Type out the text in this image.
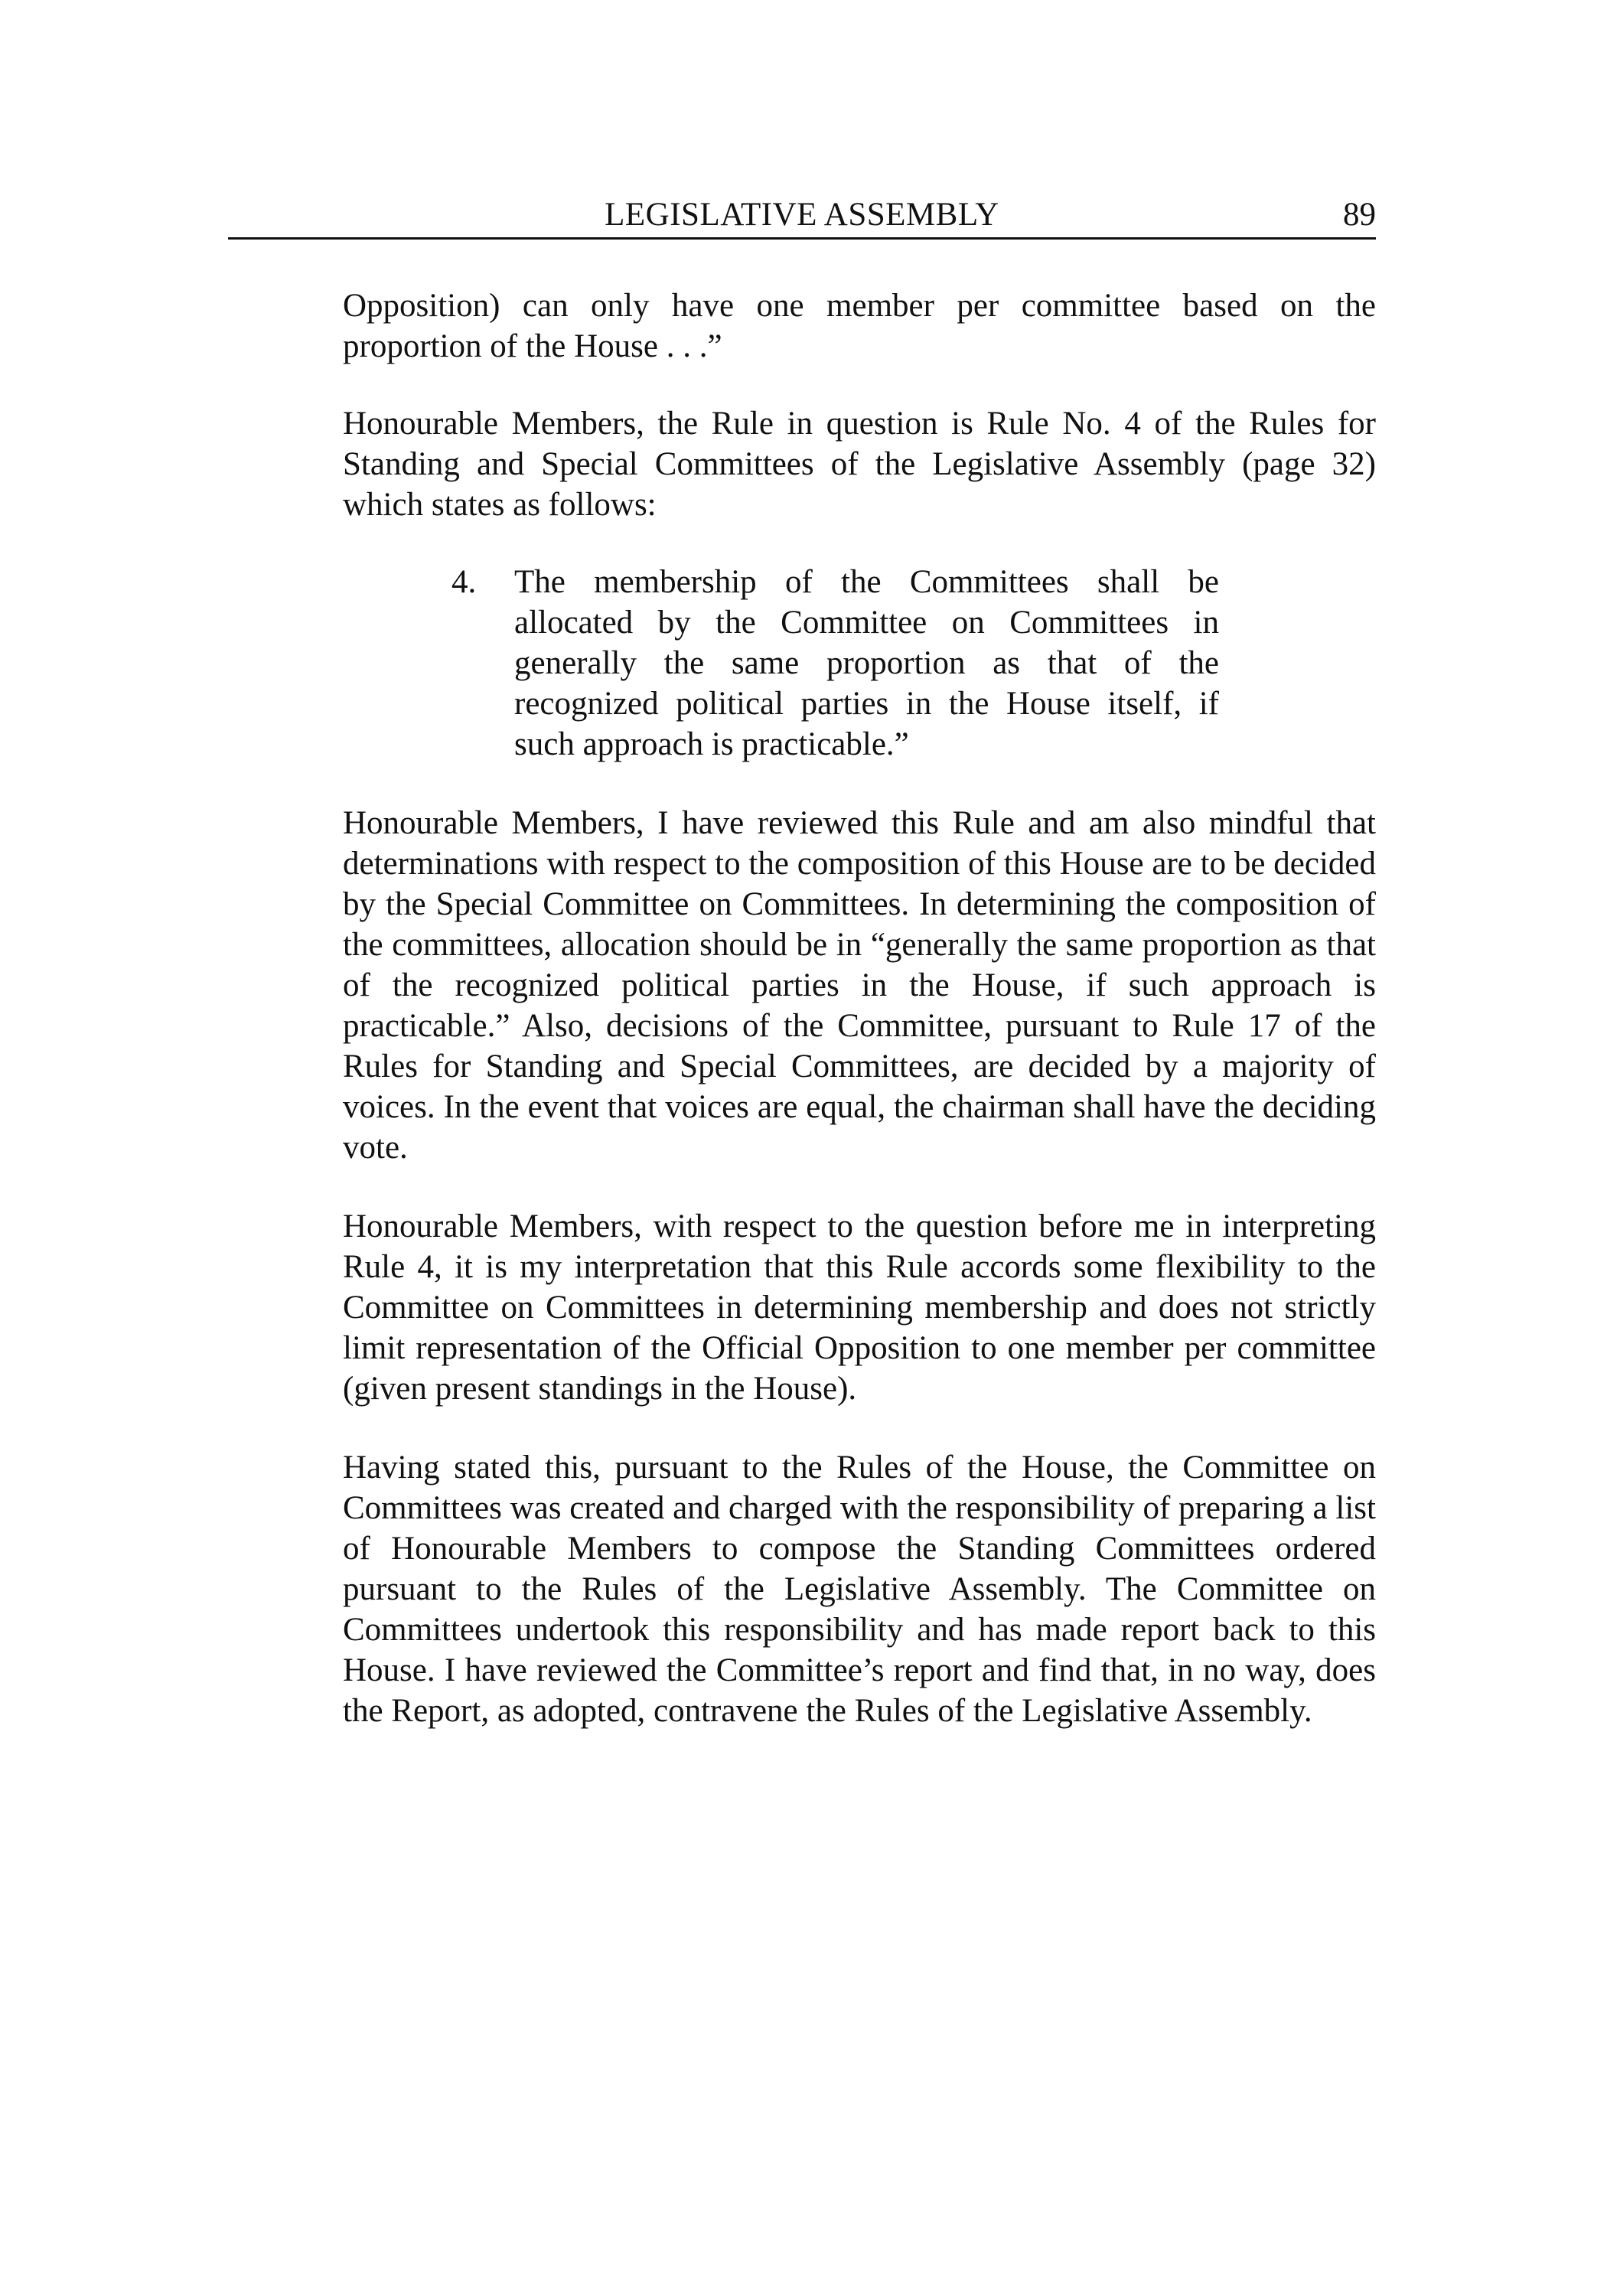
LEGISLATIVE ASSEMBLY	89

Opposition) can only have one member per committee based on the proportion of the House . . .”

Honourable Members, the Rule in question is Rule No. 4 of the Rules for Standing and Special Committees of the Legislative Assembly (page 32) which states as follows:

4.	The membership of the Committees shall be allocated by the Committee on Committees in generally the same proportion as that of the recognized political parties in the House itself, if such approach is practicable.”

Honourable Members, I have reviewed this Rule and am also mindful that determinations with respect to the composition of this House are to be decided by the Special Committee on Committees. In determining the composition of the committees, allocation should be in “generally the same proportion as that of the recognized political parties in the House, if such approach is practicable.” Also, decisions of the Committee, pursuant to Rule 17 of the Rules for Standing and Special Committees, are decided by a majority of voices. In the event that voices are equal, the chairman shall have the deciding vote.

Honourable Members, with respect to the question before me in interpreting Rule 4, it is my interpretation that this Rule accords some flexibility to the Committee on Committees in determining membership and does not strictly limit representation of the Official Opposition to one member per committee (given present standings in the House).

Having stated this, pursuant to the Rules of the House, the Committee on Committees was created and charged with the responsibility of preparing a list of Honourable Members to compose the Standing Committees ordered pursuant to the Rules of the Legislative Assembly. The Committee on Committees undertook this responsibility and has made report back to this House. I have reviewed the Committee’s report and find that, in no way, does the Report, as adopted, contravene the Rules of the Legislative Assembly.
